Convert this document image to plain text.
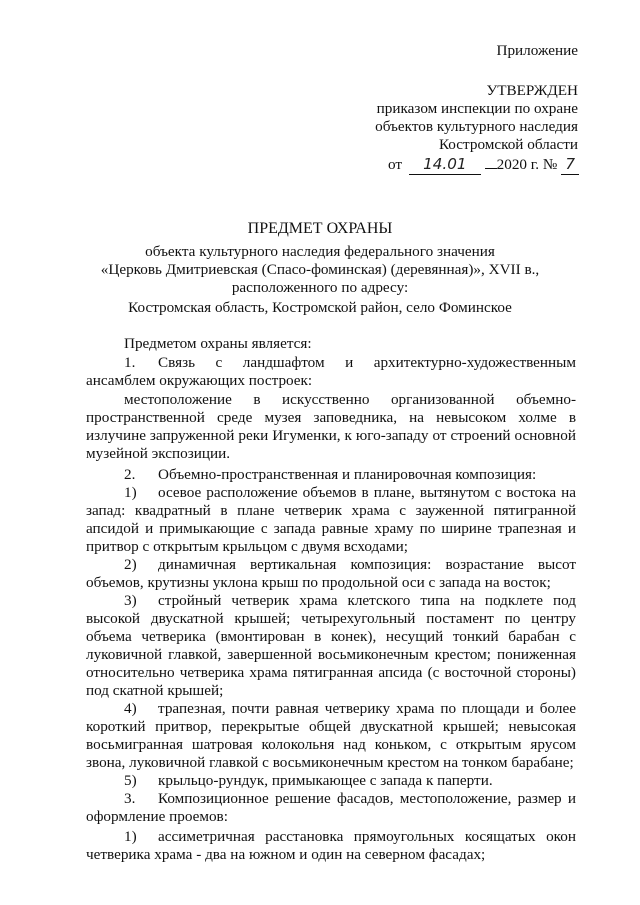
Приложение
УТВЕРЖДЕН
приказом инспекции по охране
объектов культурного наследия
Костромской области
от 14.01 2020 г. № 7
ПРЕДМЕТ ОХРАНЫ
объекта культурного наследия федерального значения
«Церковь Дмитриевская (Спасо-фоминская) (деревянная)», XVII в.,
расположенного по адресу:
Костромская область, Костромской район, село Фоминское

Предметом охраны является:

1. Связь с ландшафтом и архитектурно-художественным ансамблем окружающих построек:

местоположение в искусственно организованной объемно-пространственной среде музея заповедника, на невысоком холме в излучине запруженной реки Игуменки, к юго-западу от строений основной музейной экспозиции.

2. Объемно-пространственная и планировочная композиция:

1) осевое расположение объемов в плане, вытянутом с востока на запад: квадратный в плане четверик храма с зауженной пятигранной апсидой и примыкающие с запада равные храму по ширине трапезная и притвор с открытым крыльцом с двумя всходами;

2) динамичная вертикальная композиция: возрастание высот объемов, крутизны уклона крыш по продольной оси с запада на восток;

3) стройный четверик храма клетского типа на подклете под высокой двускатной крышей; четырехугольный постамент по центру объема четверика (вмонтирован в конек), несущий тонкий барабан с луковичной главкой, завершенной восьмиконечным крестом; пониженная относительно четверика храма пятигранная апсида (с восточной стороны) под скатной крышей;

4) трапезная, почти равная четверику храма по площади и более короткий притвор, перекрытые общей двускатной крышей; невысокая восьмигранная шатровая колокольня над коньком, с открытым ярусом звона, луковичной главкой с восьмиконечным крестом на тонком барабане;

5) крыльцо-рундук, примыкающее с запада к паперти.

3. Композиционное решение фасадов, местоположение, размер и оформление проемов:

1) ассиметричная расстановка прямоугольных косящатых окон четверика храма - два на южном и один на северном фасадах;
